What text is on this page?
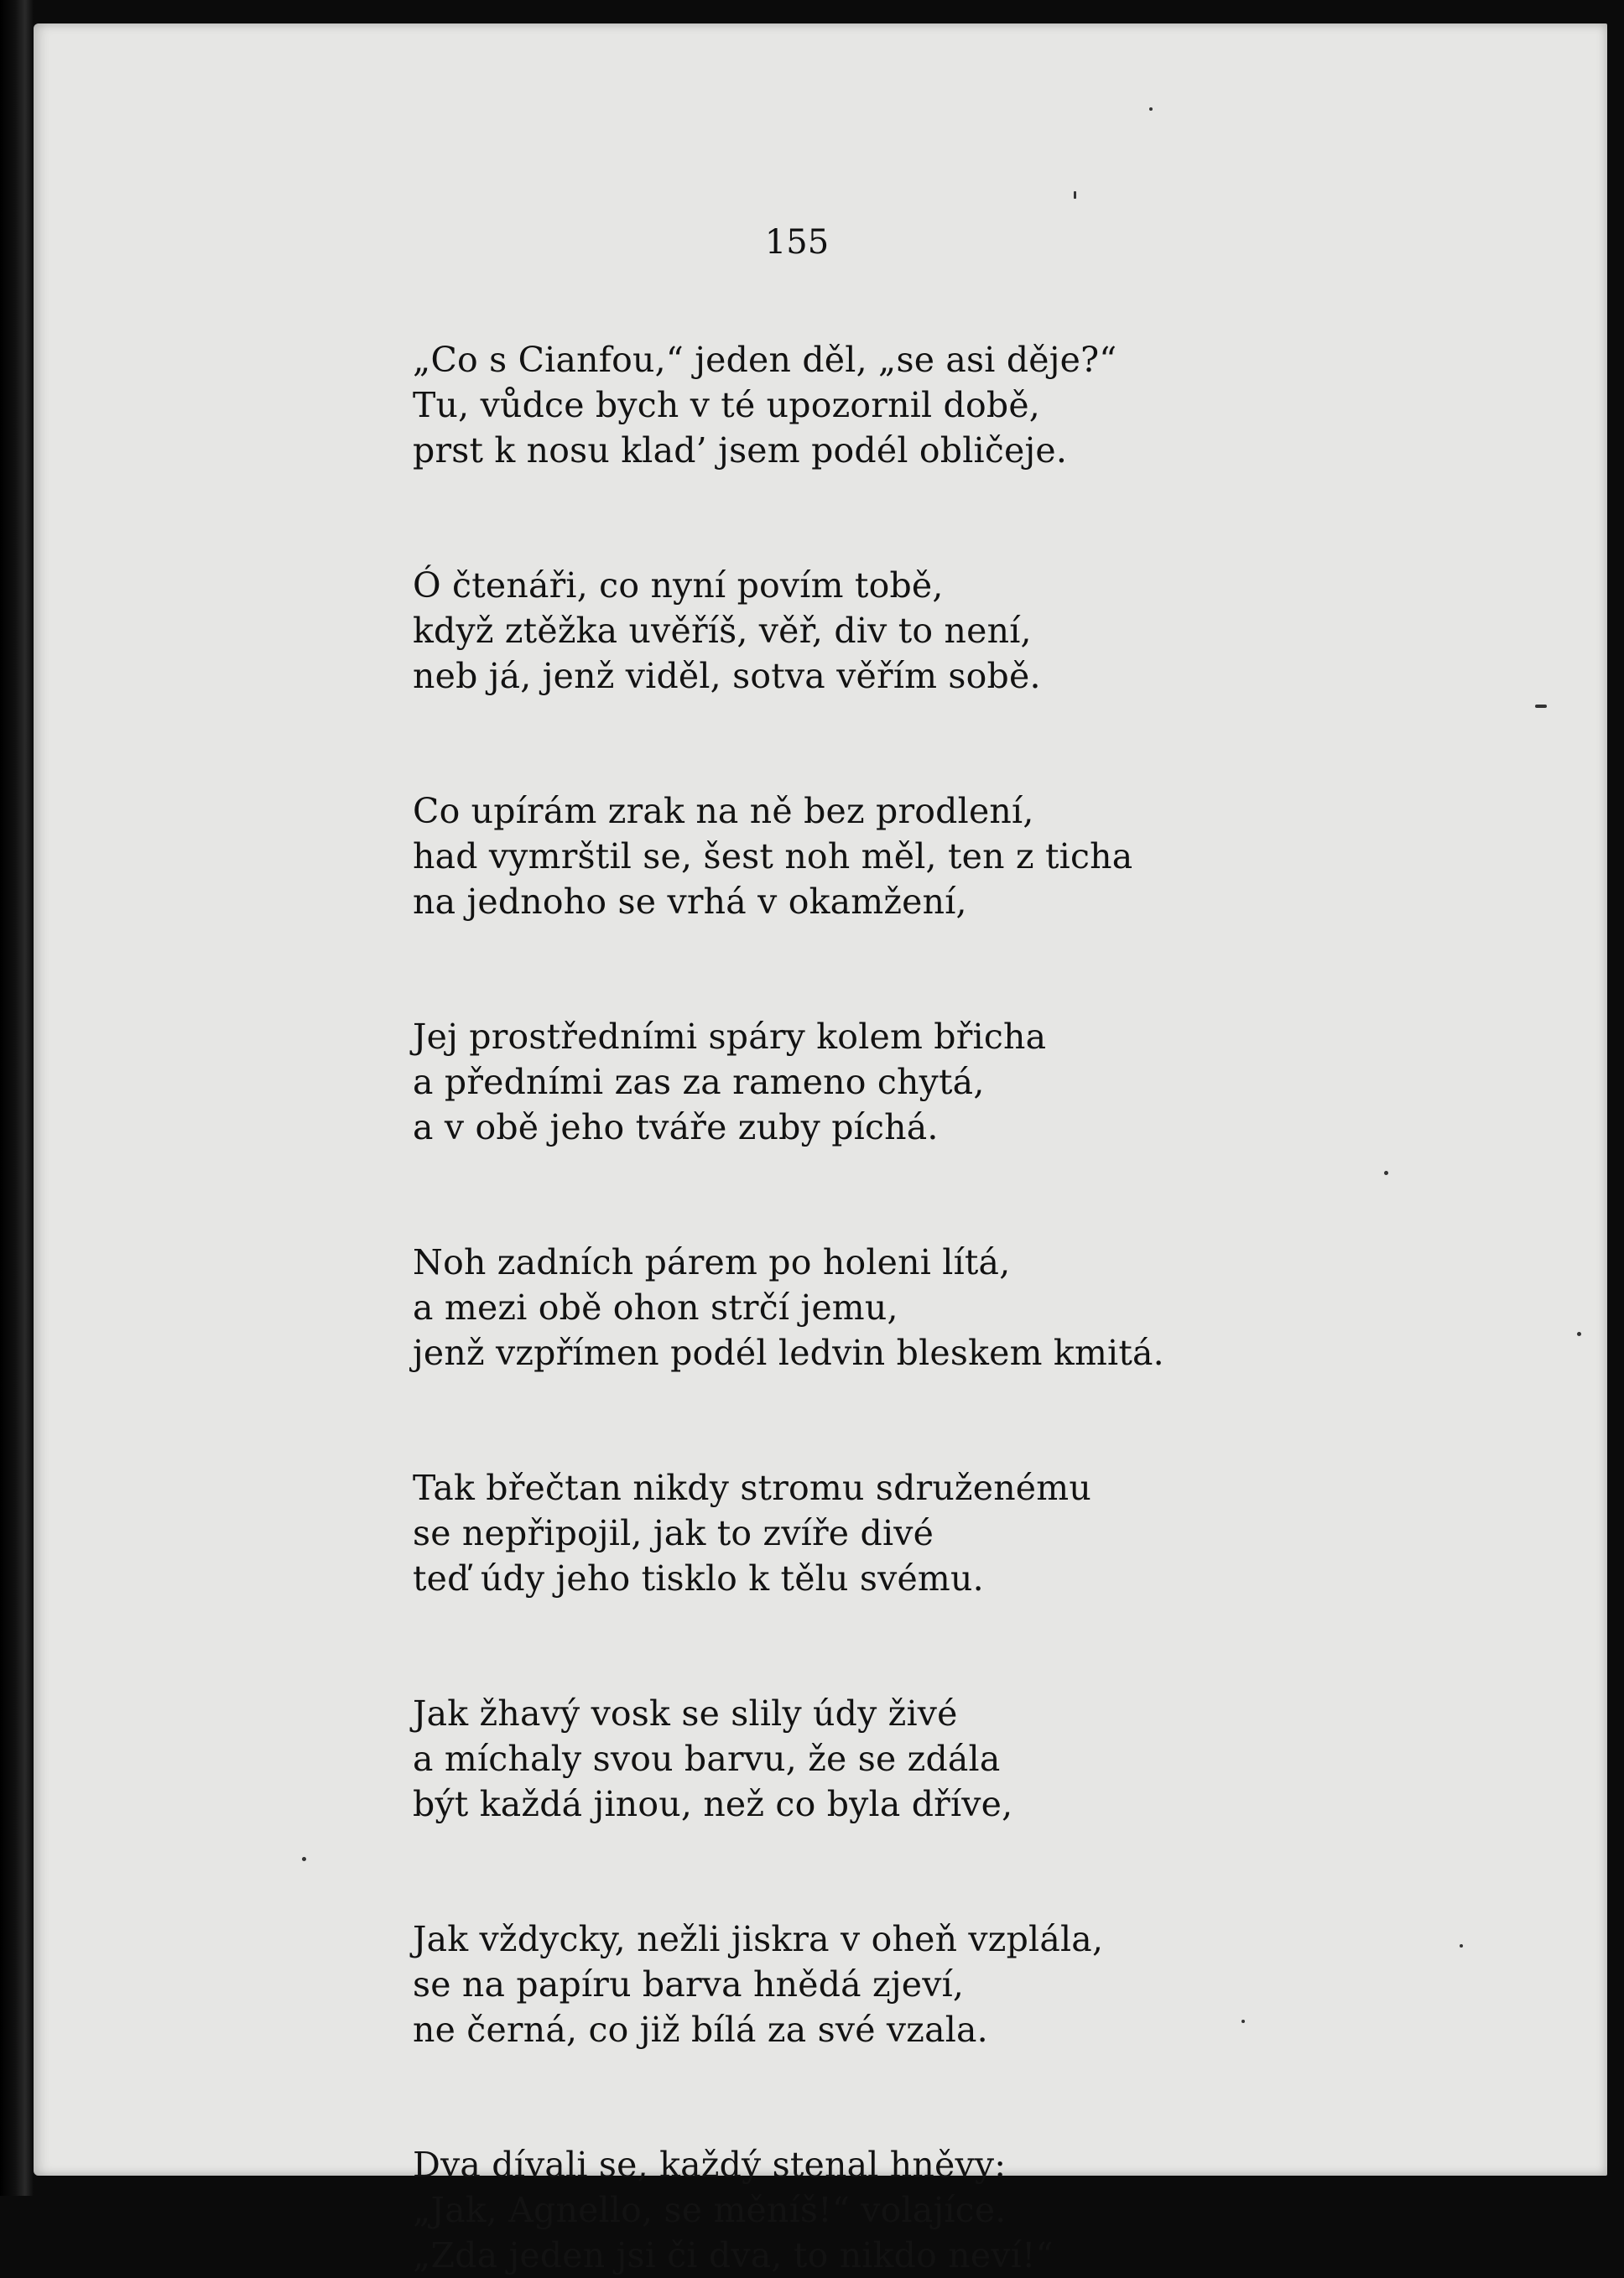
155
„Co s Cianfou,“ jeden děl, „se asi děje?“
Tu, vůdce bych v té upozornil době,
prst k nosu klad’ jsem podél obličeje.
Ó čtenáři, co nyní povím tobě,
když ztěžka uvěříš, věř, div to není,
neb já, jenž viděl, sotva věřím sobě.
Co upírám zrak na ně bez prodlení,
had vymrštil se, šest noh měl, ten z ticha
na jednoho se vrhá v okamžení,
Jej prostředními spáry kolem břicha
a předními zas za rameno chytá,
a v obě jeho tváře zuby píchá.
Noh zadních párem po holeni lítá,
a mezi obě ohon strčí jemu,
jenž vzpřímen podél ledvin bleskem kmitá.
Tak břečtan nikdy stromu sdruženému
se nepřipojil, jak to zvíře divé
teď údy jeho tisklo k tělu svému.
Jak žhavý vosk se slily údy živé
a míchaly svou barvu, že se zdála
být každá jinou, než co byla dříve,
Jak vždycky, nežli jiskra v oheň vzplála,
se na papíru barva hnědá zjeví,
ne černá, co již bílá za své vzala.
Dva dívali se, každý stenal hněvy:
„Jak, Agnello, se měníš!“ volajíce.
„Zda jeden jsi či dva, to nikdo neví!“
